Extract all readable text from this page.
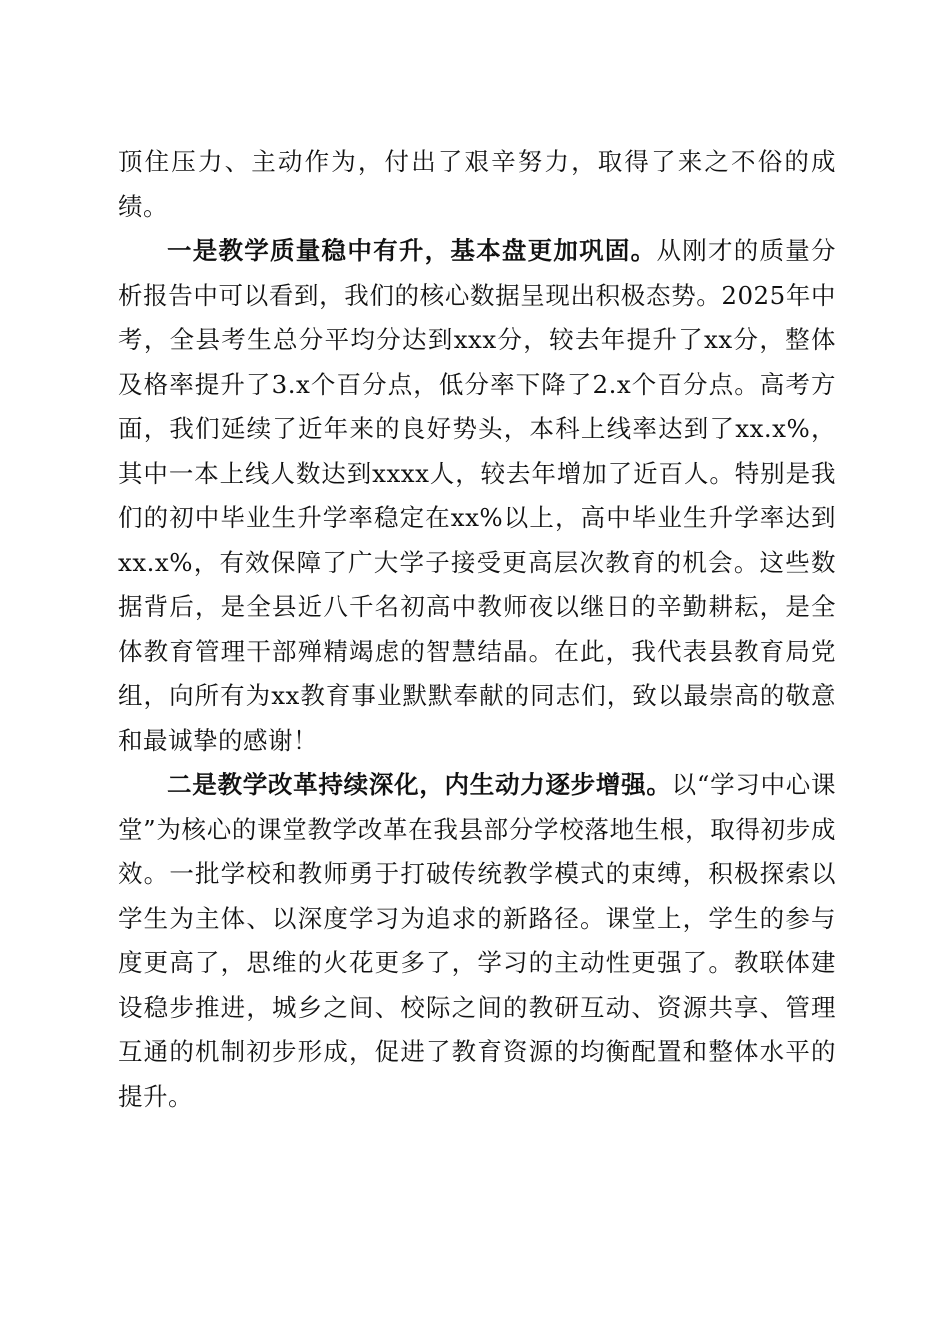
顶住压力、主动作为，付出了艰辛努力，取得了来之不俗的成绩。

一是教学质量稳中有升，基本盘更加巩固。从刚才的质量分析报告中可以看到，我们的核心数据呈现出积极态势。2025年中考，全县考生总分平均分达到xxx分，较去年提升了xx分，整体及格率提升了3.x个百分点，低分率下降了2.x个百分点。高考方面，我们延续了近年来的良好势头，本科上线率达到了xx.x%，其中一本上线人数达到xxxx人，较去年增加了近百人。特别是我们的初中毕业生升学率稳定在xx%以上，高中毕业生升学率达到xx.x%，有效保障了广大学子接受更高层次教育的机会。这些数据背后，是全县近八千名初高中教师夜以继日的辛勤耕耘，是全体教育管理干部殚精竭虑的智慧结晶。在此，我代表县教育局党组，向所有为xx教育事业默默奉献的同志们，致以最崇高的敬意和最诚挚的感谢！

二是教学改革持续深化，内生动力逐步增强。以“学习中心课堂”为核心的课堂教学改革在我县部分学校落地生根，取得初步成效。一批学校和教师勇于打破传统教学模式的束缚，积极探索以学生为主体、以深度学习为追求的新路径。课堂上，学生的参与度更高了，思维的火花更多了，学习的主动性更强了。教联体建设稳步推进，城乡之间、校际之间的教研互动、资源共享、管理互通的机制初步形成，促进了教育资源的均衡配置和整体水平的提升。
